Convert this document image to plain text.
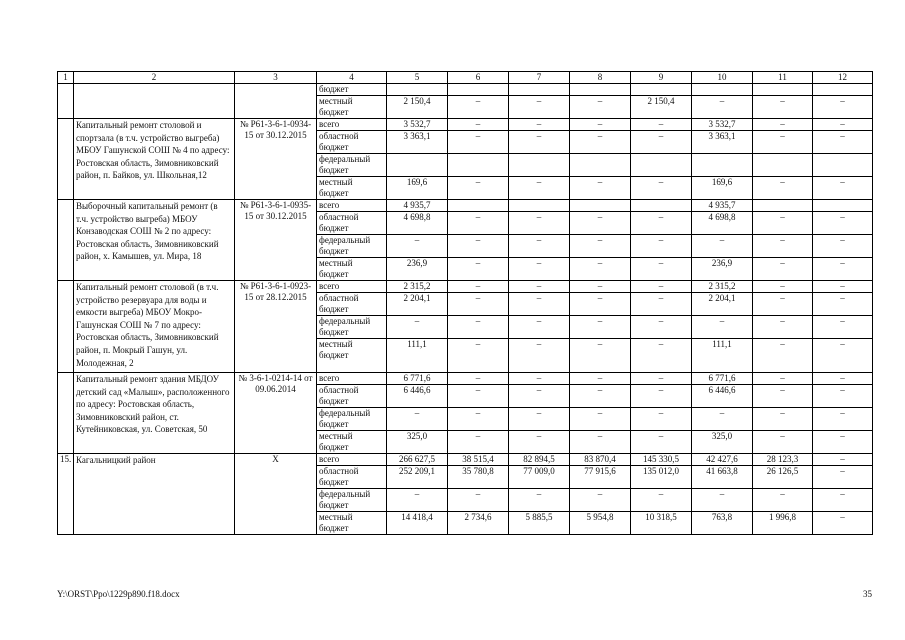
1	2	3	4	5	6	7	8	9	10	11	12
			бюджет								
			местный бюджет	2 150,4	–	–	–	2 150,4	–	–	–
	Капитальный ремонт столовой и спортзала (в т.ч. устройство выгреба) МБОУ Гашунской СОШ № 4 по адресу: Ростовская область, Зимовниковский район, п. Байков, ул. Школьная,12	№ Р61-3-6-1-0934-15 от 30.12.2015	всего	3 532,7	–	–	–	–	3 532,7	–	–
			областной бюджет	3 363,1	–	–	–	–	3 363,1	–	–
			федеральный бюджет								
			местный бюджет	169,6	–	–	–	–	169,6	–	–
	Выборочный капитальный ремонт (в т.ч. устройство выгреба) МБОУ Конзаводская СОШ № 2 по адресу: Ростовская область, Зимовниковский район, х. Камышев, ул. Мира, 18	№ Р61-3-6-1-0935-15 от 30.12.2015	всего	4 935,7					4 935,7		
			областной бюджет	4 698,8	–	–	–	–	4 698,8	–	–
			федеральный бюджет	–	–	–	–	–	–	–	–
			местный бюджет	236,9	–	–	–	–	236,9	–	–
	Капитальный ремонт столовой (в т.ч. устройство резервуара для воды и емкости выгреба) МБОУ Мокро-Гашунская СОШ № 7 по адресу: Ростовская область, Зимовниковский район, п. Мокрый Гашун, ул. Молодежная, 2	№ Р61-3-6-1-0923-15 от 28.12.2015	всего	2 315,2	–	–	–	–	2 315,2	–	–
			областной бюджет	2 204,1	–	–	–	–	2 204,1	–	–
			федеральный бюджет	–	–	–	–	–	–	–	–
			местный бюджет	111,1	–	–	–	–	111,1	–	–
	Капитальный ремонт здания МБДОУ детский сад «Малыш», расположенного по адресу: Ростовская область, Зимовниковский район, ст. Кутейниковская, ул. Советская, 50	№ 3-6-1-0214-14 от 09.06.2014	всего	6 771,6	–	–	–	–	6 771,6	–	–
			областной бюджет	6 446,6	–	–	–	–	6 446,6	–	–
			федеральный бюджет	–	–	–	–	–	–	–	–
			местный бюджет	325,0	–	–	–	–	325,0	–	–
15.	Кагальницкий район	Х	всего	266 627,5	38 515,4	82 894,5	83 870,4	145 330,5	42 427,6	28 123,3	–
			областной бюджет	252 209,1	35 780,8	77 009,0	77 915,6	135 012,0	41 663,8	26 126,5	–
			федеральный бюджет	–	–	–	–	–	–	–	–
			местный бюджет	14 418,4	2 734,6	5 885,5	5 954,8	10 318,5	763,8	1 996,8	–
Y:\ORST\Ppo\1229p890.f18.docx	35
